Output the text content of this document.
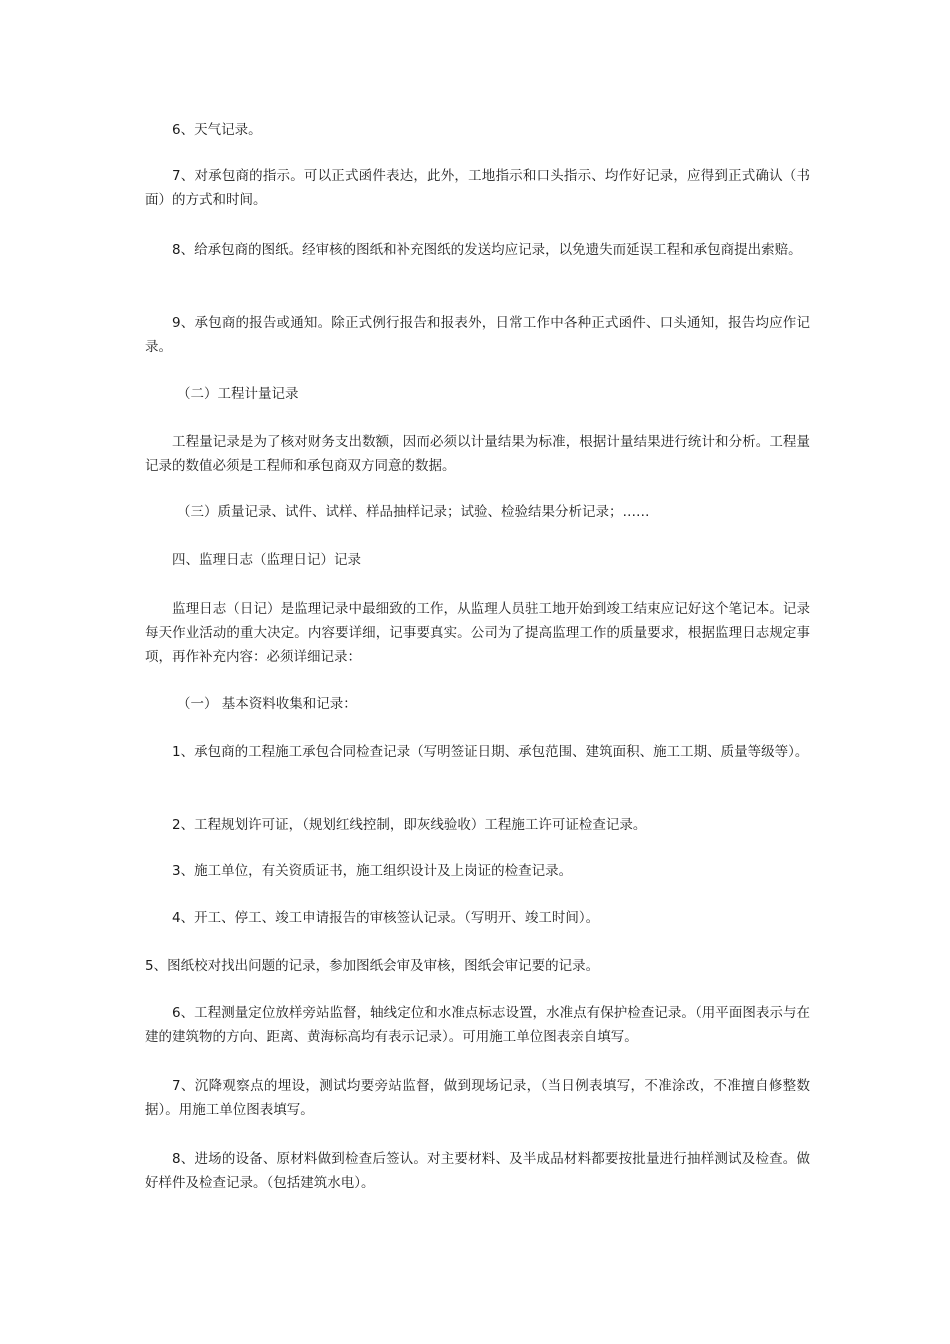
6、天气记录。

7、对承包商的指示。可以正式函件表达，此外，工地指示和口头指示、均作好记录，应得到正式确认（书面）的方式和时间。

8、给承包商的图纸。经审核的图纸和补充图纸的发送均应记录，以免遗失而延误工程和承包商提出索赔。

9、承包商的报告或通知。除正式例行报告和报表外，日常工作中各种正式函件、口头通知，报告均应作记录。

（二）工程计量记录

工程量记录是为了核对财务支出数额，因而必须以计量结果为标准，根据计量结果进行统计和分析。工程量记录的数值必须是工程师和承包商双方同意的数据。

（三）质量记录、试件、试样、样品抽样记录；试验、检验结果分析记录；……

四、监理日志（监理日记）记录

监理日志（日记）是监理记录中最细致的工作，从监理人员驻工地开始到竣工结束应记好这个笔记本。记录每天作业活动的重大决定。内容要详细，记事要真实。公司为了提高监理工作的质量要求，根据监理日志规定事项，再作补充内容：必须详细记录：

（一） 基本资料收集和记录：

1、承包商的工程施工承包合同检查记录（写明签证日期、承包范围、建筑面积、施工工期、质量等级等）。

2、工程规划许可证，（规划红线控制，即灰线验收）工程施工许可证检查记录。

3、施工单位，有关资质证书，施工组织设计及上岗证的检查记录。

4、开工、停工、竣工申请报告的审核签认记录。（写明开、竣工时间）。

5、图纸校对找出问题的记录，参加图纸会审及审核，图纸会审记要的记录。

6、工程测量定位放样旁站监督，轴线定位和水准点标志设置，水准点有保护检查记录。（用平面图表示与在建的建筑物的方向、距离、黄海标高均有表示记录）。可用施工单位图表亲自填写。

7、沉降观察点的埋设，测试均要旁站监督，做到现场记录，（当日例表填写，不准涂改，不准擅自修整数据）。用施工单位图表填写。

8、进场的设备、原材料做到检查后签认。对主要材料、及半成品材料都要按批量进行抽样测试及检查。做好样件及检查记录。（包括建筑水电）。
